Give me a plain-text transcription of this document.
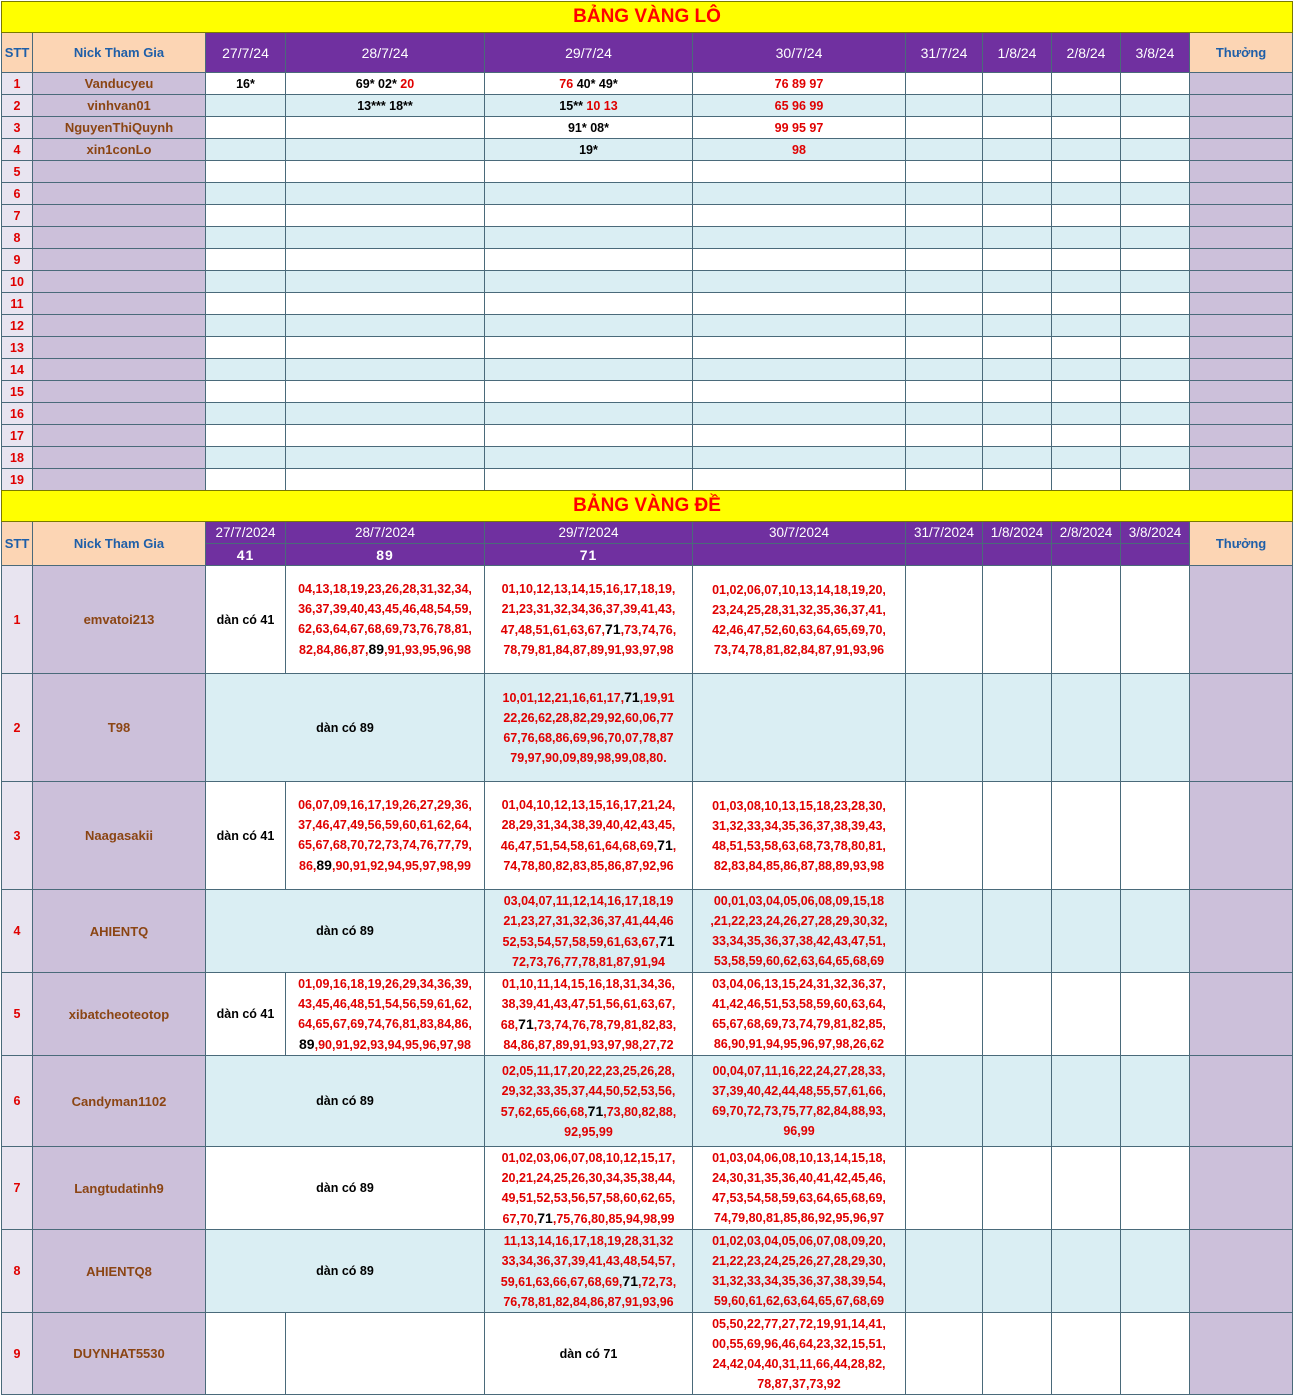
BẢNG VÀNG LÔ										
STT	Nick Tham Gia	27/7/24	28/7/24	29/7/24	30/7/24	31/7/24	1/8/24	2/8/24	3/8/24	Thưởng
1	Vanducyeu	16*	69* 02* 20	76 40* 49*	76 89 97					
2	vinhvan01		13*** 18**	15** 10 13	65 96 99					
3	NguyenThiQuynh			91* 08*	99 95 97					
4	xin1conLo			19*	98					
5										
6										
7										
8										
9										
10										
11										
12										
13										
14										
15										
16										
17										
18										
19										
BẢNG VÀNG ĐỀ										
STT	Nick Tham Gia	27/7/2024	28/7/2024	29/7/2024	30/7/2024	31/7/2024	1/8/2024	2/8/2024	3/8/2024	Thưởng
		41	89	71						
1	emvatoi213	dàn có 41	04,13,18,19,23,26,28,31,32,34,
36,37,39,40,43,45,46,48,54,59,
62,63,64,67,68,69,73,76,78,81,
82,84,86,87,89,91,93,95,96,98	01,10,12,13,14,15,16,17,18,19,
21,23,31,32,34,36,37,39,41,43,
47,48,51,61,63,67,71,73,74,76,
78,79,81,84,87,89,91,93,97,98	01,02,06,07,10,13,14,18,19,20,
23,24,25,28,31,32,35,36,37,41,
42,46,47,52,60,63,64,65,69,70,
73,74,78,81,82,84,87,91,93,96					
2	T98	dàn có 89		10,01,12,21,16,61,17,71,19,91
22,26,62,28,82,29,92,60,06,77
67,76,68,86,69,96,70,07,78,87
79,97,90,09,89,98,99,08,80.						

3	Naagasakii	dàn có 41	06,07,09,16,17,19,26,27,29,36,
37,46,47,49,56,59,60,61,62,64,
65,67,68,70,72,73,74,76,77,79,
86,89,90,91,92,94,95,97,98,99	01,04,10,12,13,15,16,17,21,24,
28,29,31,34,38,39,40,42,43,45,
46,47,51,54,58,61,64,68,69,71,
74,78,80,82,83,85,86,87,92,96	01,03,08,10,13,15,18,23,28,30,
31,32,33,34,35,36,37,38,39,43,
48,51,53,58,63,68,73,78,80,81,
82,83,84,85,86,87,88,89,93,98					
4	AHIENTQ	dàn có 89		03,04,07,11,12,14,16,17,18,19
21,23,27,31,32,36,37,41,44,46
52,53,54,57,58,59,61,63,67,71
72,73,76,77,78,81,87,91,94	00,01,03,04,05,06,08,09,15,18
,21,22,23,24,26,27,28,29,30,32,
33,34,35,36,37,38,42,43,47,51,
53,58,59,60,62,63,64,65,68,69					
5	xibatcheoteotop	dàn có 41	01,09,16,18,19,26,29,34,36,39,
43,45,46,48,51,54,56,59,61,62,
64,65,67,69,74,76,81,83,84,86,
89,90,91,92,93,94,95,96,97,98	01,10,11,14,15,16,18,31,34,36,
38,39,41,43,47,51,56,61,63,67,
68,71,73,74,76,78,79,81,82,83,
84,86,87,89,91,93,97,98,27,72	03,04,06,13,15,24,31,32,36,37,
41,42,46,51,53,58,59,60,63,64,
65,67,68,69,73,74,79,81,82,85,
86,90,91,94,95,96,97,98,26,62					
6	Candyman1102	dàn có 89		02,05,11,17,20,22,23,25,26,28,
29,32,33,35,37,44,50,52,53,56,
57,62,65,66,68,71,73,80,82,88,
92,95,99	00,04,07,11,16,22,24,27,28,33,
37,39,40,42,44,48,55,57,61,66,
69,70,72,73,75,77,82,84,88,93,
96,99					
7	Langtudatinh9	dàn có 89		01,02,03,06,07,08,10,12,15,17,
20,21,24,25,26,30,34,35,38,44,
49,51,52,53,56,57,58,60,62,65,
67,70,71,75,76,80,85,94,98,99	01,03,04,06,08,10,13,14,15,18,
24,30,31,35,36,40,41,42,45,46,
47,53,54,58,59,63,64,65,68,69,
74,79,80,81,85,86,92,95,96,97					
8	AHIENTQ8	dàn có 89		11,13,14,16,17,18,19,28,31,32
33,34,36,37,39,41,43,48,54,57,
59,61,63,66,67,68,69,71,72,73,
76,78,81,82,84,86,87,91,93,96	01,02,03,04,05,06,07,08,09,20,
21,22,23,24,25,26,27,28,29,30,
31,32,33,34,35,36,37,38,39,54,
59,60,61,62,63,64,65,67,68,69					
9	DUYNHAT5530			dàn có 71	05,50,22,77,27,72,19,91,14,41,
00,55,69,96,46,64,23,32,15,51,
24,42,04,40,31,11,66,44,28,82,
78,87,37,73,92					
